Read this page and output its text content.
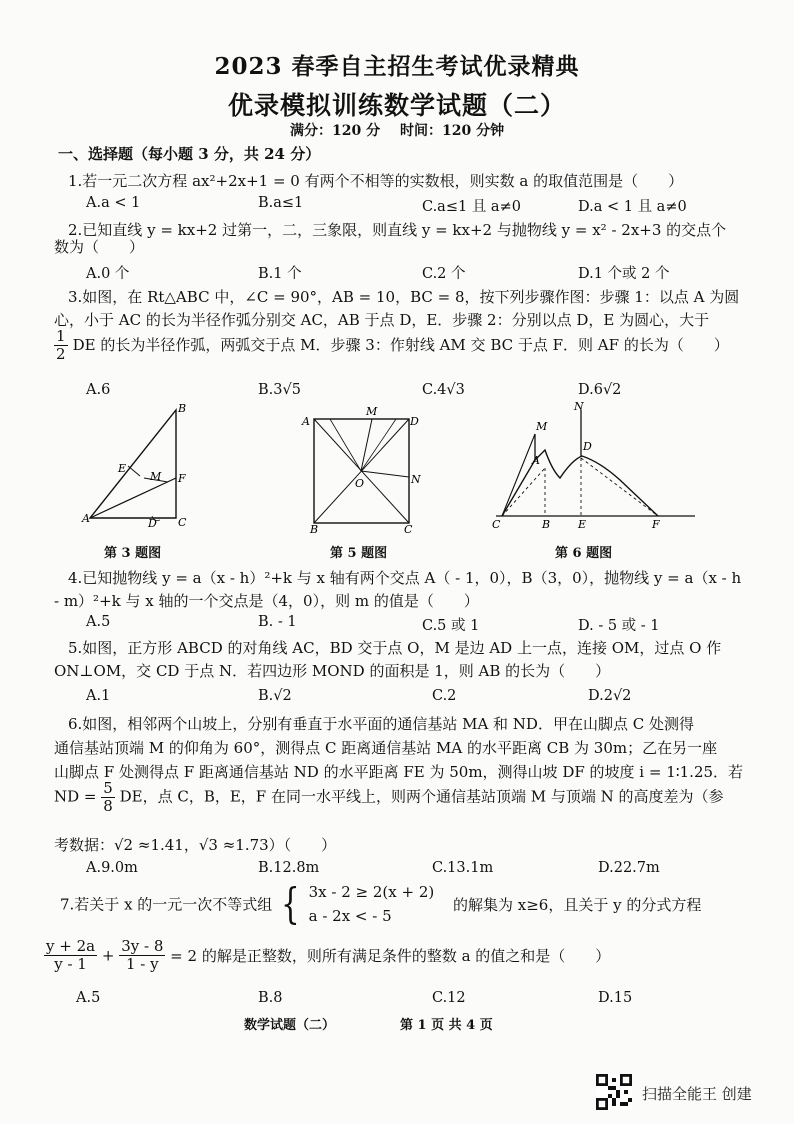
2023 春季自主招生考试优录精典
优录模拟训练数学试题（二）
满分：120 分 时间：120 分钟
一、选择题（每小题 3 分，共 24 分）
1.若一元二次方程 ax²+2x+1 = 0 有两个不相等的实数根，则实数 a 的取值范围是（　　）
A.a < 1	B.a≤1	C.a≤1 且 a≠0	D.a < 1 且 a≠0
2.已知直线 y = kx+2 过第一，二，三象限，则直线 y = kx+2 与抛物线 y = x² - 2x+3 的交点个
数为（　　）
A.0 个	B.1 个	C.2 个	D.1 个或 2 个
3.如图，在 Rt△ABC 中，∠C = 90°，AB = 10，BC = 8，按下列步骤作图：步骤 1：以点 A 为圆
心，小于 AC 的长为半径作弧分别交 AC，AB 于点 D，E．步骤 2：分别以点 D，E 为圆心，大于
$\frac{1}{2}$ DE 的长为半径作弧，两弧交于点 M．步骤 3：作射线 AM 交 BC 于点 F．则 AF 的长为（　　）
A.6	B.3√5	C.4√3	D.6√2
B
E
M F
A	D C
A
M
D
O	N
B	C
N
M
D
A
C	B	E	F
第 3 题图	第 5 题图	第 6 题图
4.已知抛物线 y = a（x - h）²+k 与 x 轴有两个交点 A（ - 1，0），B（3，0），抛物线 y = a（x - h
- m）²+k 与 x 轴的一个交点是（4，0），则 m 的值是（　　）
A.5	B. - 1	C.5 或 1	D. - 5 或 - 1
5.如图，正方形 ABCD 的对角线 AC，BD 交于点 O，M 是边 AD 上一点，连接 OM，过点 O 作
ON⊥OM，交 CD 于点 N．若四边形 MOND 的面积是 1，则 AB 的长为（　　）
A.1	B.√2	C.2	D.2√2
6.如图，相邻两个山坡上，分别有垂直于水平面的通信基站 MA 和 ND．甲在山脚点 C 处测得
通信基站顶端 M 的仰角为 60°，测得点 C 距离通信基站 MA 的水平距离 CB 为 30m；乙在另一座
山脚点 F 处测得点 F 距离通信基站 ND 的水平距离 FE 为 50m，测得山坡 DF 的坡度 i = 1∶1.25．若
ND = $\frac{5}{8}$ DE，点 C，B，E，F 在同一水平线上，则两个通信基站顶端 M 与顶端 N 的高度差为（参
考数据：√2 ≈1.41，√3 ≈1.73）（　　）
A.9.0m	B.12.8m	C.13.1m	D.22.7m
7.若关于 x 的一元一次不等式组 { 3x - 2 ≥ 2(x + 2)
a - 2x < - 5
的解集为 x≥6，且关于 y 的分式方程
$\frac{y + 2a}{y - 1} + \frac{3y - 8}{1 - y} = 2$ 的解是正整数，则所有满足条件的整数 a 的值之和是（　　）
A.5	B.8	C.12	D.15
数学试题（二）	第 1 页 共 4 页
扫描全能王 创建
